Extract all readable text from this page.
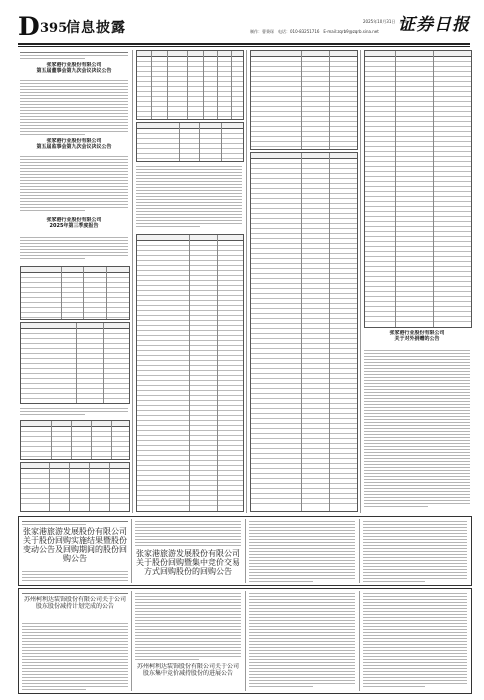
D 395
信息披露	2025年10月31日　星期五
制作：曹秉琛　电话：010-83251716　E-mail:zqrb9@zqrb.sina.net 证券日报
张家港行业股份有限公司
第五届董事会第九次会议决议公告
张家港行业股份有限公司
第五届监事会第九次会议决议公告
张家港行业股份有限公司
2025年第三季度报告
张家港行业股份有限公司
关于对外捐赠的公告
张家港旅游发展股份有限公司关于股份回购实施结果暨股份变动公告及回购期间的股份回购公告
张家港旅游发展股份有限公司关于股份回购暨集中竞价交易方式回购股份的回购公告
苏州柯利达装饰股份有限公司关于公司股东股份减持计划完成的公告
苏州柯利达装饰股份有限公司关于公司股东集中竞价减持股份的进展公告
